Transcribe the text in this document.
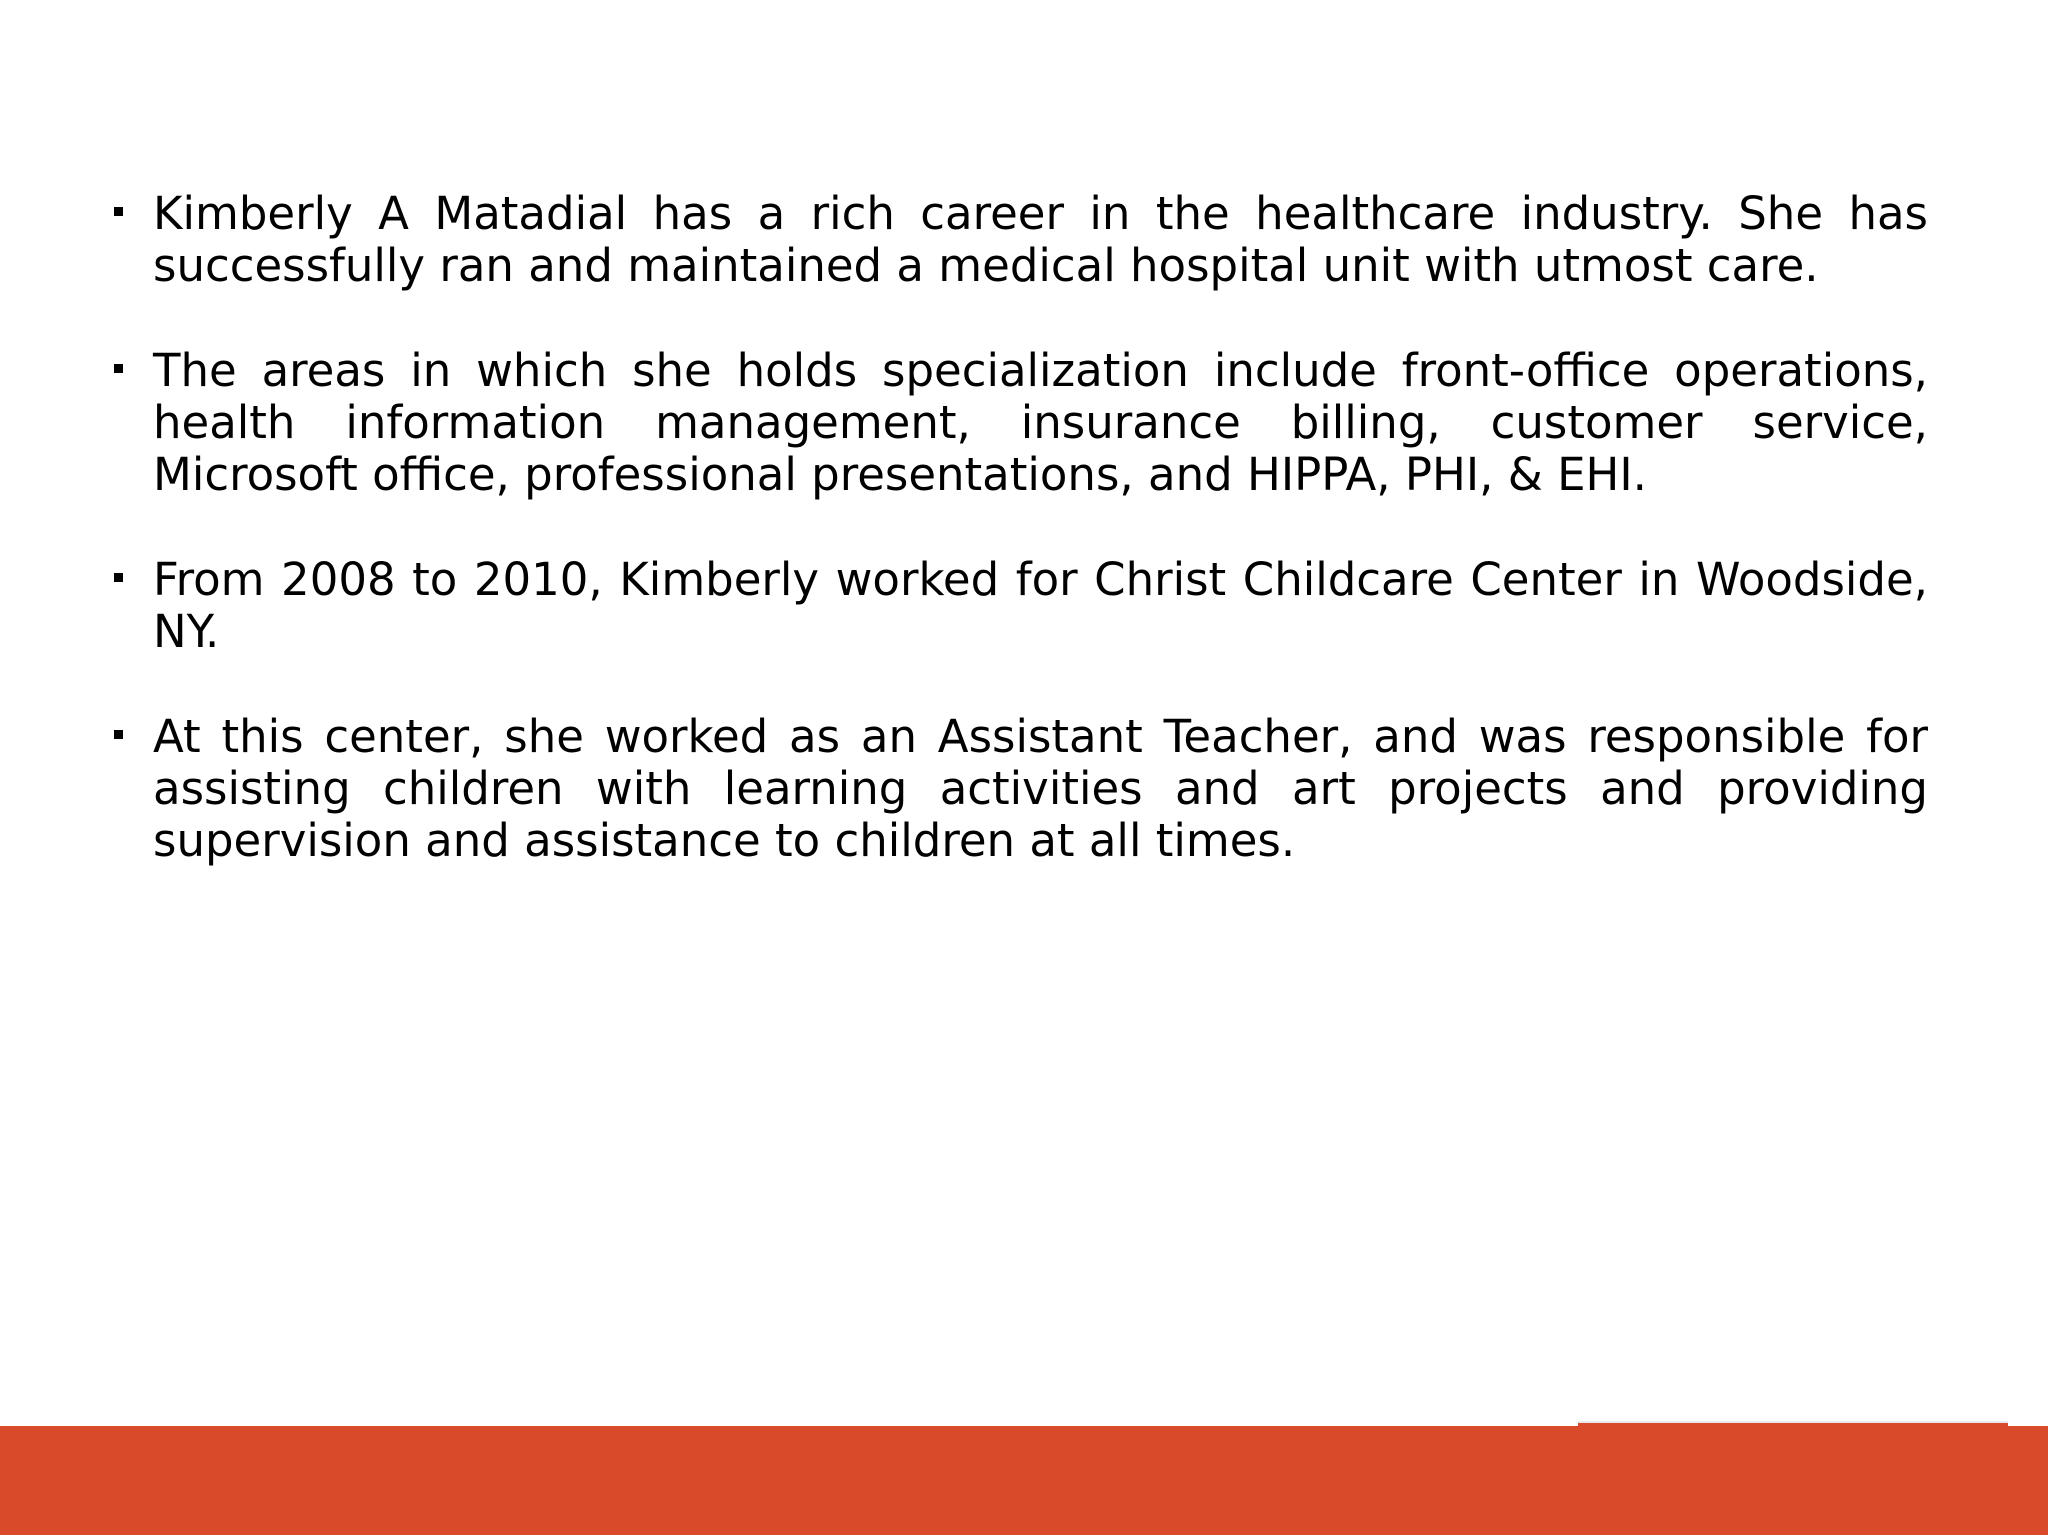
Kimberly A Matadial has a rich career in the healthcare industry. She has successfully ran and maintained a medical hospital unit with utmost care.
The areas in which she holds specialization include front-office operations, health information management, insurance billing, customer service, Microsoft office, professional presentations, and HIPPA, PHI, & EHI.
From 2008 to 2010, Kimberly worked for Christ Childcare Center in Woodside, NY.
At this center, she worked as an Assistant Teacher, and was responsible for assisting children with learning activities and art projects and providing supervision and assistance to children at all times.
